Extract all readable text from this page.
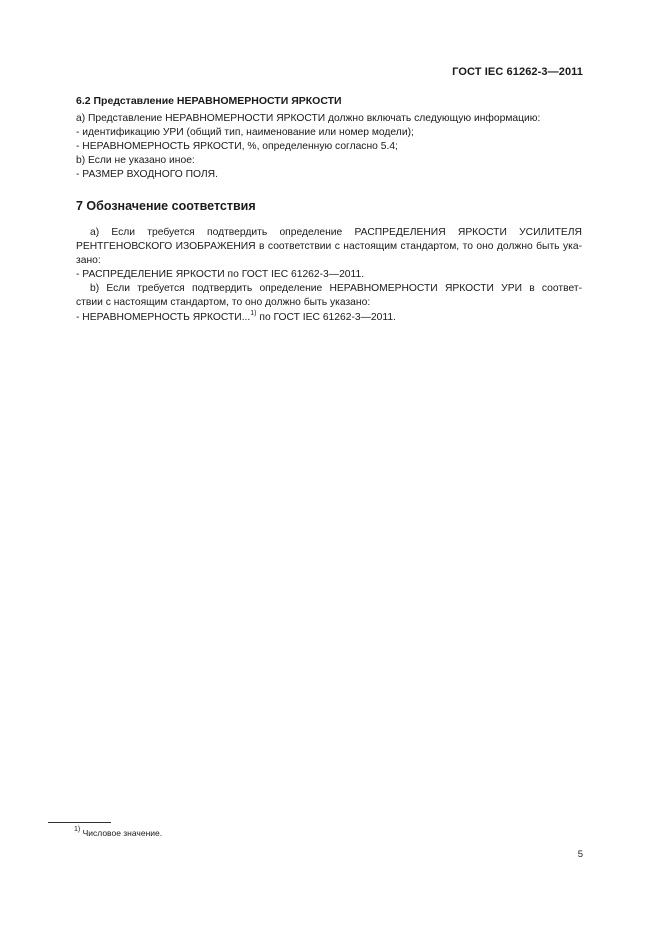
ГОСТ IEC 61262-3—2011
6.2 Представление НЕРАВНОМЕРНОСТИ ЯРКОСТИ
a) Представление НЕРАВНОМЕРНОСТИ ЯРКОСТИ должно включать следующую информацию:
- идентификацию УРИ (общий тип, наименование или номер модели);
- НЕРАВНОМЕРНОСТЬ ЯРКОСТИ, %, определенную согласно 5.4;
b) Если не указано иное:
- РАЗМЕР ВХОДНОГО ПОЛЯ.
7 Обозначение соответствия
а) Если требуется подтвердить определение РАСПРЕДЕЛЕНИЯ ЯРКОСТИ УСИЛИТЕЛЯ
РЕНТГЕНОВСКОГО ИЗОБРАЖЕНИЯ в соответствии с настоящим стандартом, то оно должно быть ука-
зано:
- РАСПРЕДЕЛЕНИЕ ЯРКОСТИ по ГОСТ IEC 61262-3—2011.
b) Если требуется подтвердить определение НЕРАВНОМЕРНОСТИ ЯРКОСТИ УРИ в соответ-
ствии с настоящим стандартом, то оно должно быть указано:
- НЕРАВНОМЕРНОСТЬ ЯРКОСТИ...$^{1)}$ по ГОСТ IEC 61262-3—2011.
$^{1)}$ Числовое значение.
5
